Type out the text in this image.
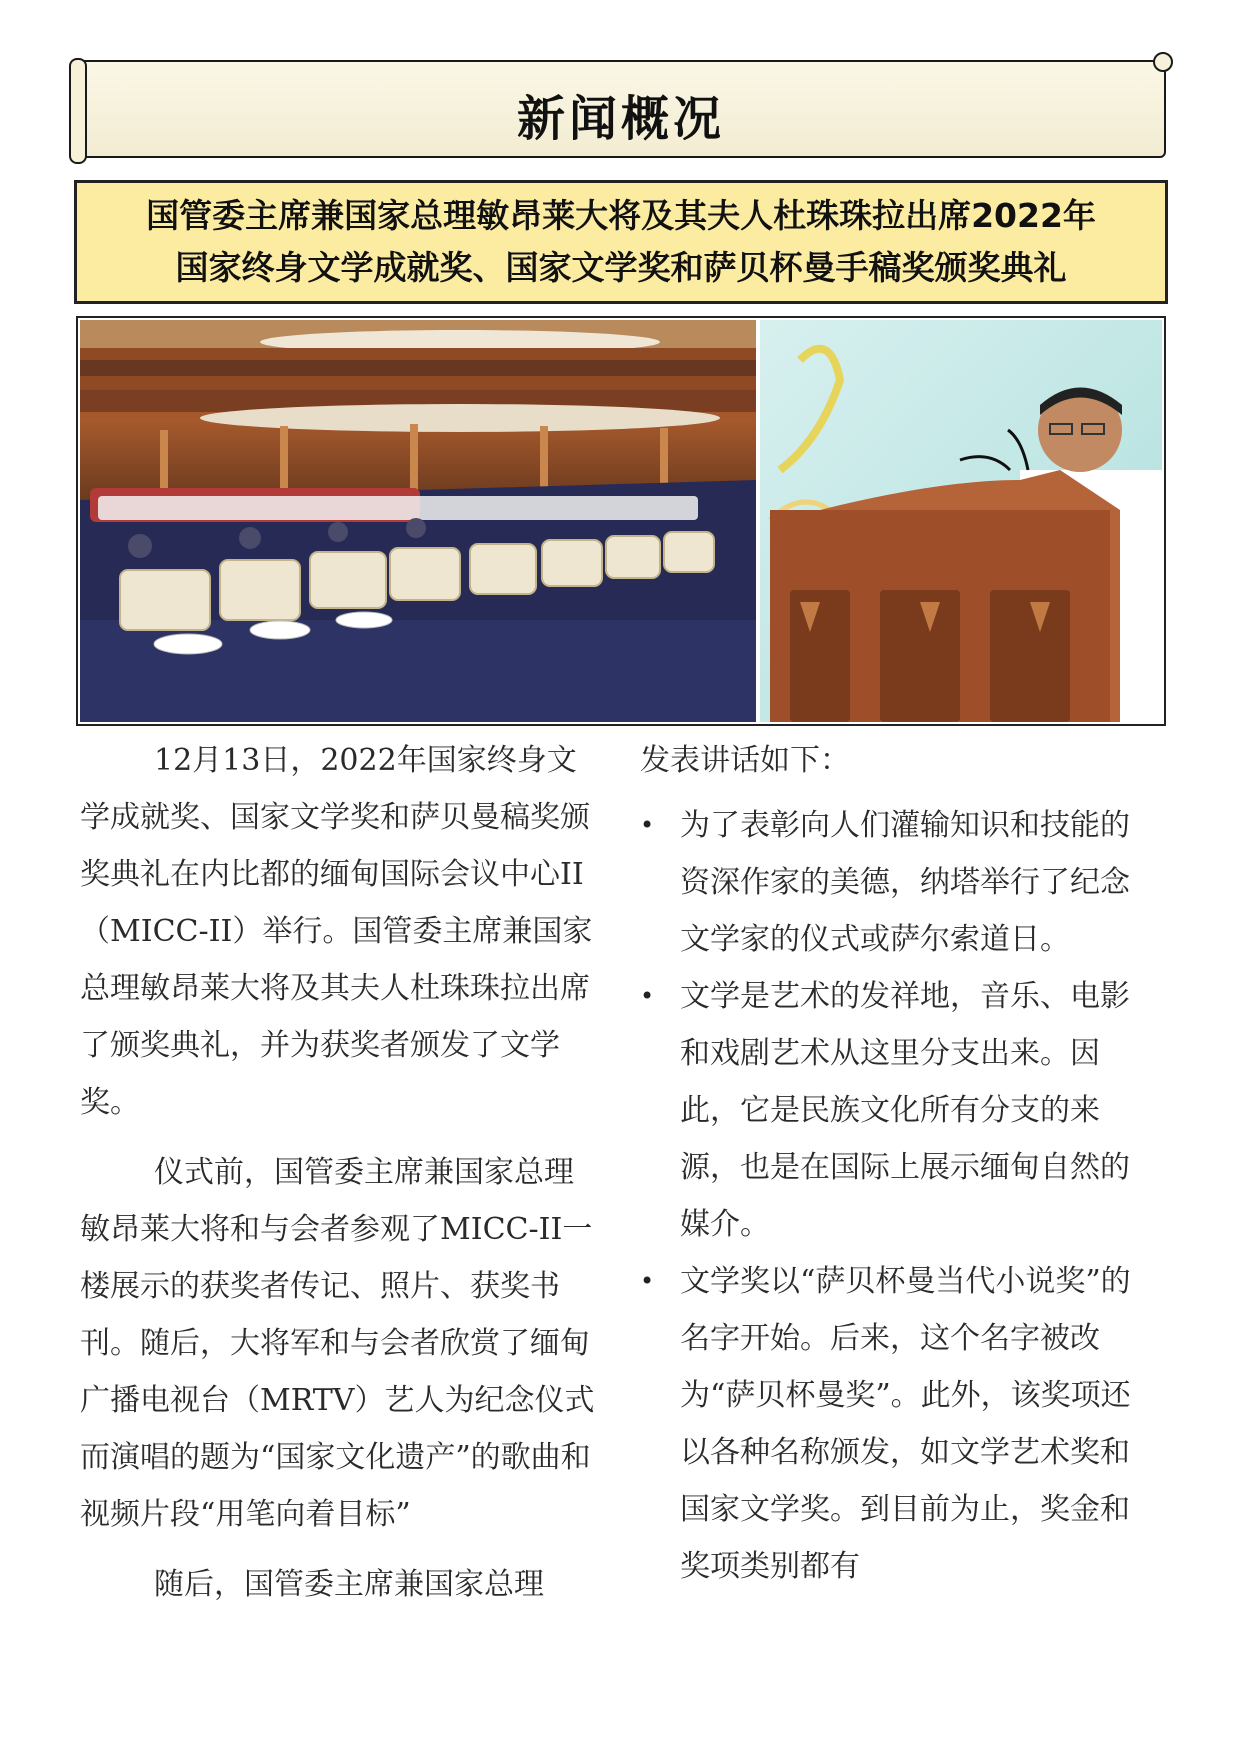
新闻概况
国管委主席兼国家总理敏昂莱大将及其夫人杜珠珠拉出席2022年
国家终身文学成就奖、国家文学奖和萨贝杯曼手稿奖颁奖典礼

12月13日，2022年国家终身文学成就奖、国家文学奖和萨贝曼稿奖颁奖典礼在内比都的缅甸国际会议中心II（MICC-II）举行。国管委主席兼国家总理敏昂莱大将及其夫人杜珠珠拉出席了颁奖典礼，并为获奖者颁发了文学奖。

仪式前，国管委主席兼国家总理敏昂莱大将和与会者参观了MICC-II一楼展示的获奖者传记、照片、获奖书刊。随后，大将军和与会者欣赏了缅甸广播电视台（MRTV）艺人为纪念仪式而演唱的题为“国家文化遗产”的歌曲和视频片段“用笔向着目标”

随后，国管委主席兼国家总理

发表讲话如下：

• 为了表彰向人们灌输知识和技能的资深作家的美德，纳塔举行了纪念文学家的仪式或萨尔索道日。
• 文学是艺术的发祥地，音乐、电影和戏剧艺术从这里分支出来。因此，它是民族文化所有分支的来源，也是在国际上展示缅甸自然的媒介。
• 文学奖以“萨贝杯曼当代小说奖”的名字开始。后来，这个名字被改为“萨贝杯曼奖”。此外，该奖项还以各种名称颁发，如文学艺术奖和国家文学奖。到目前为止，奖金和奖项类别都有
